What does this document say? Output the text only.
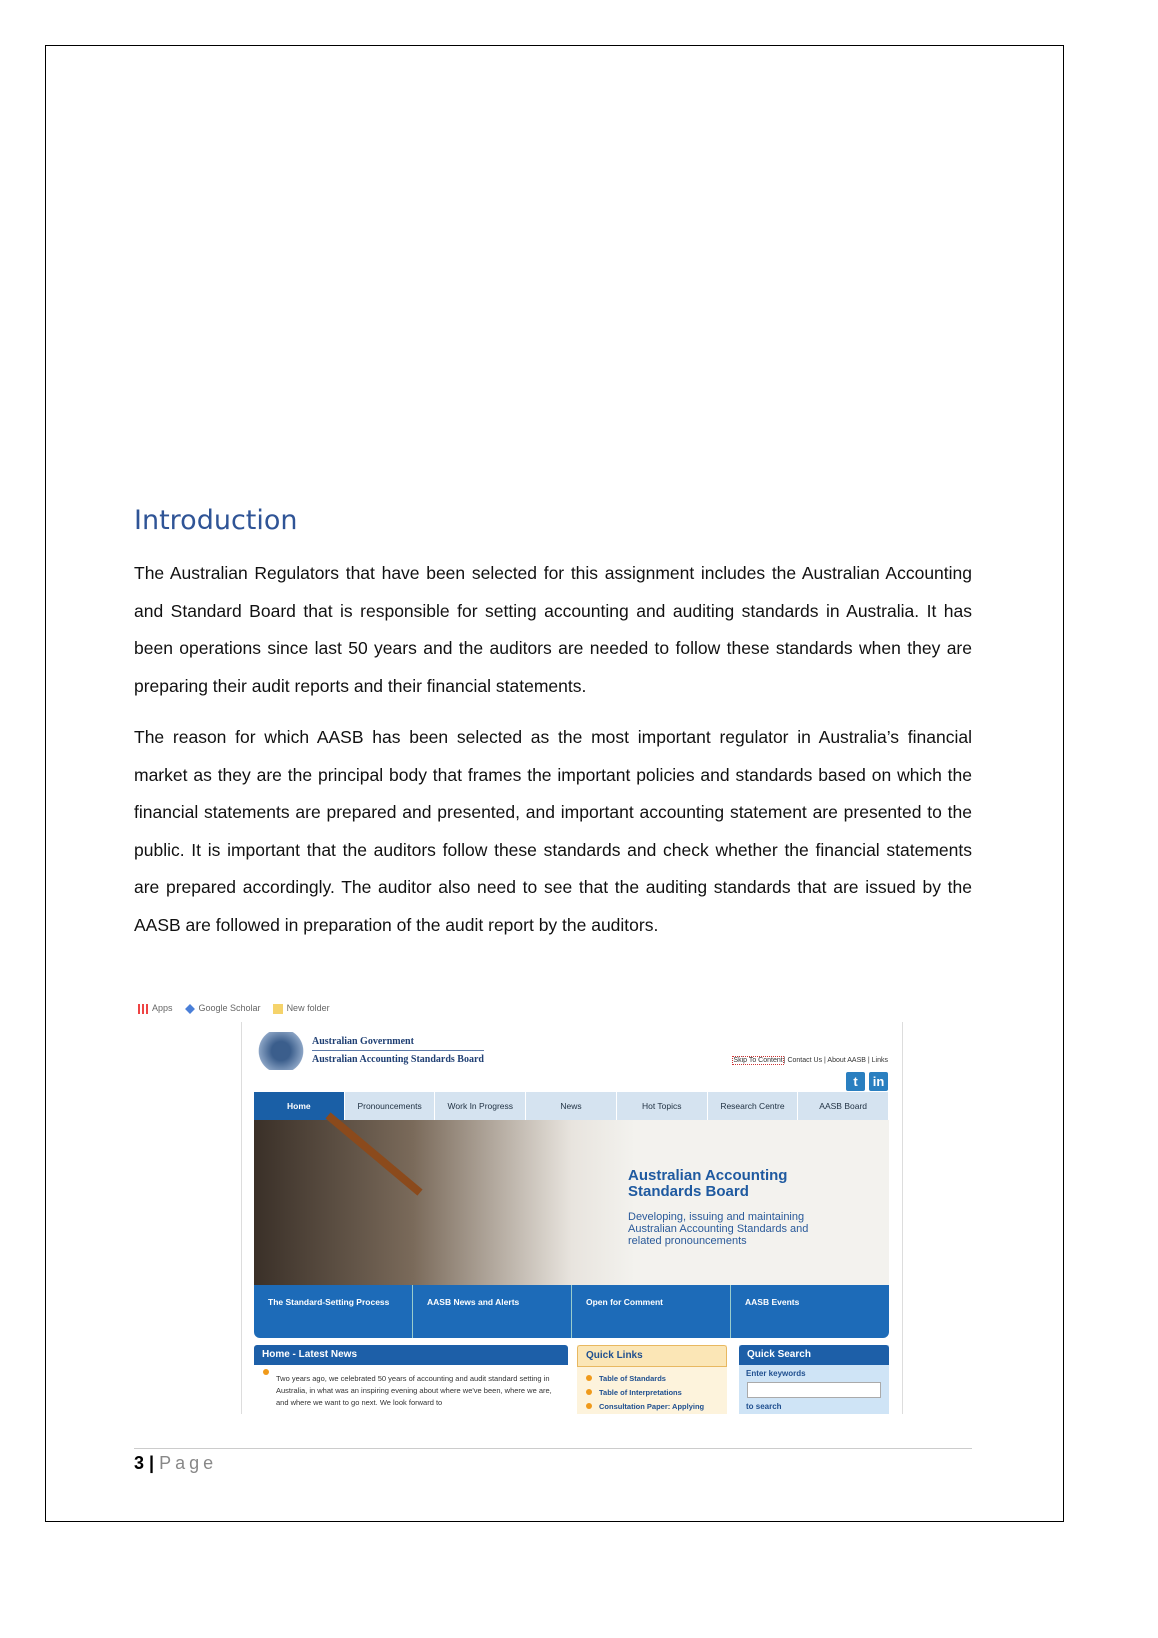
Introduction

The Australian Regulators that have been selected for this assignment includes the Australian Accounting and Standard Board that is responsible for setting accounting and auditing standards in Australia. It has been operations since last 50 years and the auditors are needed to follow these standards when they are preparing their audit reports and their financial statements.

The reason for which AASB has been selected as the most important regulator in Australia’s financial market as they are the principal body that frames the important policies and standards based on which the financial statements are prepared and presented, and important accounting statement are presented to the public. It is important that the auditors follow these standards and check whether the financial statements are prepared accordingly. The auditor also need to see that the auditing standards that are issued by the AASB are followed in preparation of the audit report by the auditors.

Apps	Google Scholar	New folder
Australian Government
Australian Accounting Standards Board	Skip To Content| Contact Us | About AASB | Links
t	in
Home	Pronouncements	Work In Progress	News	Hot Topics	Research Centre	AASB Board
Australian Accounting Standards Board
Developing, issuing and maintaining Australian Accounting Standards and related pronouncements
The Standard-Setting Process	AASB News and Alerts	Open for Comment	AASB Events
Home - Latest News
Two years ago, we celebrated 50 years of accounting and audit standard setting in Australia, in what was an inspiring evening about where we've been, where we are, and where we want to go next. We look forward to
Quick Links
Table of Standards
Table of Interpretations
Consultation Paper: Applying
Quick Search
Enter keywords
to search
3 | Page
